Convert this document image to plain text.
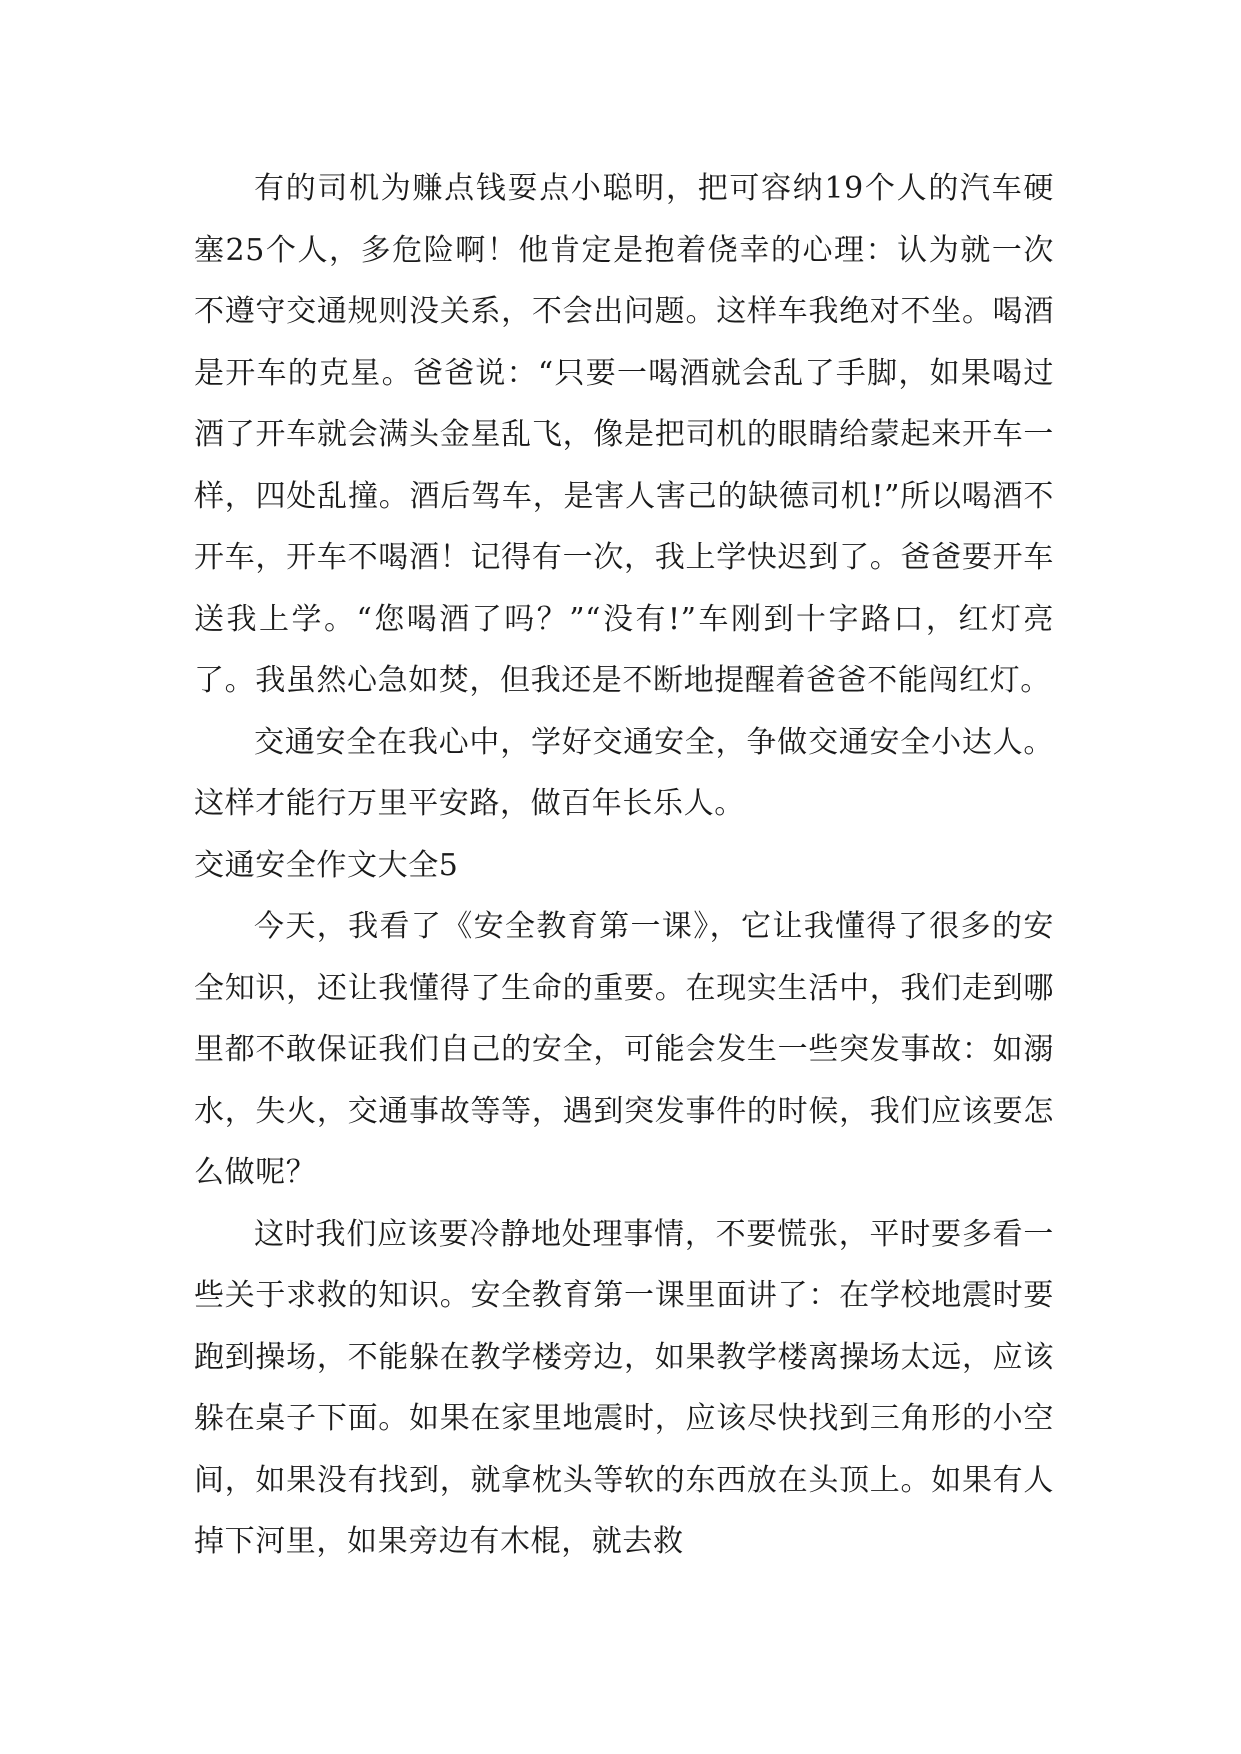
有的司机为赚点钱耍点小聪明，把可容纳19个人的汽车硬塞25个人，多危险啊！他肯定是抱着侥幸的心理：认为就一次不遵守交通规则没关系，不会出问题。这样车我绝对不坐。喝酒是开车的克星。爸爸说：“只要一喝酒就会乱了手脚，如果喝过酒了开车就会满头金星乱飞，像是把司机的眼睛给蒙起来开车一样，四处乱撞。酒后驾车，是害人害己的缺德司机!”所以喝酒不开车，开车不喝酒！记得有一次，我上学快迟到了。爸爸要开车送我上学。“您喝酒了吗？”“没有!”车刚到十字路口，红灯亮了。我虽然心急如焚，但我还是不断地提醒着爸爸不能闯红灯。

交通安全在我心中，学好交通安全，争做交通安全小达人。这样才能行万里平安路，做百年长乐人。

交通安全作文大全5

今天，我看了《安全教育第一课》，它让我懂得了很多的安全知识，还让我懂得了生命的重要。在现实生活中，我们走到哪里都不敢保证我们自己的安全，可能会发生一些突发事故：如溺水，失火，交通事故等等，遇到突发事件的时候，我们应该要怎么做呢？

这时我们应该要冷静地处理事情，不要慌张，平时要多看一些关于求救的知识。安全教育第一课里面讲了：在学校地震时要跑到操场，不能躲在教学楼旁边，如果教学楼离操场太远，应该躲在桌子下面。如果在家里地震时，应该尽快找到三角形的小空间，如果没有找到，就拿枕头等软的东西放在头顶上。如果有人掉下河里，如果旁边有木棍，就去救
